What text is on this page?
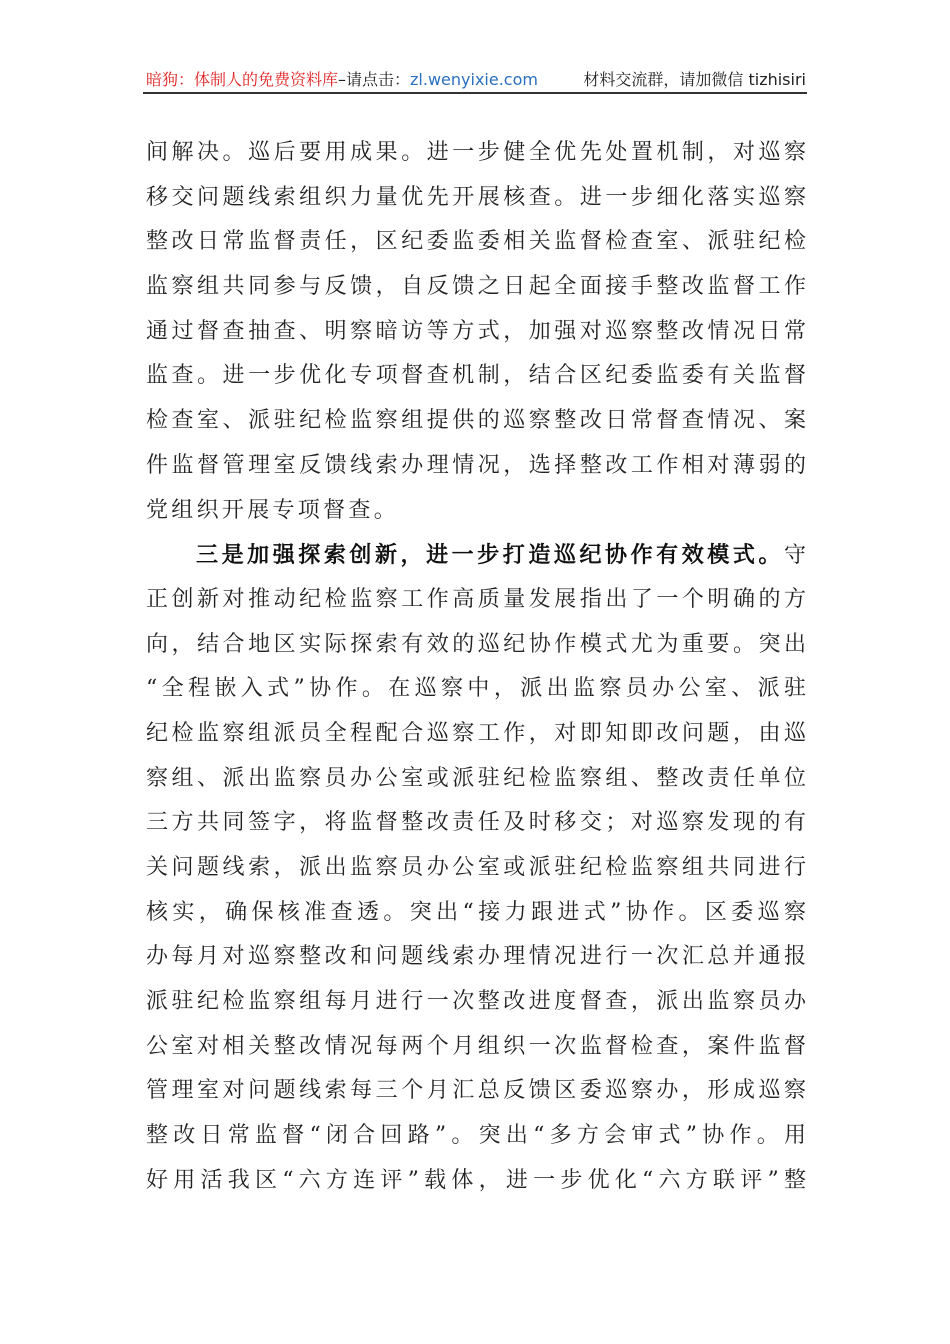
暗狗：体制人的免费资料库–请点击：zl.wenyixie.com	材料交流群，请加微信 tizhisiri
间解决。巡后要用成果。进一步健全优先处置机制，对巡察
移交问题线索组织力量优先开展核查。进一步细化落实巡察
整改日常监督责任，区纪委监委相关监督检查室、派驻纪检
监察组共同参与反馈，自反馈之日起全面接手整改监督工作
通过督查抽查、明察暗访等方式，加强对巡察整改情况日常
监查。进一步优化专项督查机制，结合区纪委监委有关监督
检查室、派驻纪检监察组提供的巡察整改日常督查情况、案
件监督管理室反馈线索办理情况，选择整改工作相对薄弱的
党组织开展专项督查。
三是加强探索创新，进一步打造巡纪协作有效模式。守
正创新对推动纪检监察工作高质量发展指出了一个明确的方
向，结合地区实际探索有效的巡纪协作模式尤为重要。突出
“全程嵌入式”协作。在巡察中，派出监察员办公室、派驻
纪检监察组派员全程配合巡察工作，对即知即改问题，由巡
察组、派出监察员办公室或派驻纪检监察组、整改责任单位
三方共同签字，将监督整改责任及时移交；对巡察发现的有
关问题线索，派出监察员办公室或派驻纪检监察组共同进行
核实，确保核准查透。突出“接力跟进式”协作。区委巡察
办每月对巡察整改和问题线索办理情况进行一次汇总并通报
派驻纪检监察组每月进行一次整改进度督查，派出监察员办
公室对相关整改情况每两个月组织一次监督检查，案件监督
管理室对问题线索每三个月汇总反馈区委巡察办，形成巡察
整改日常监督“闭合回路”。突出“多方会审式”协作。用
好用活我区“六方连评”载体，进一步优化“六方联评”整
